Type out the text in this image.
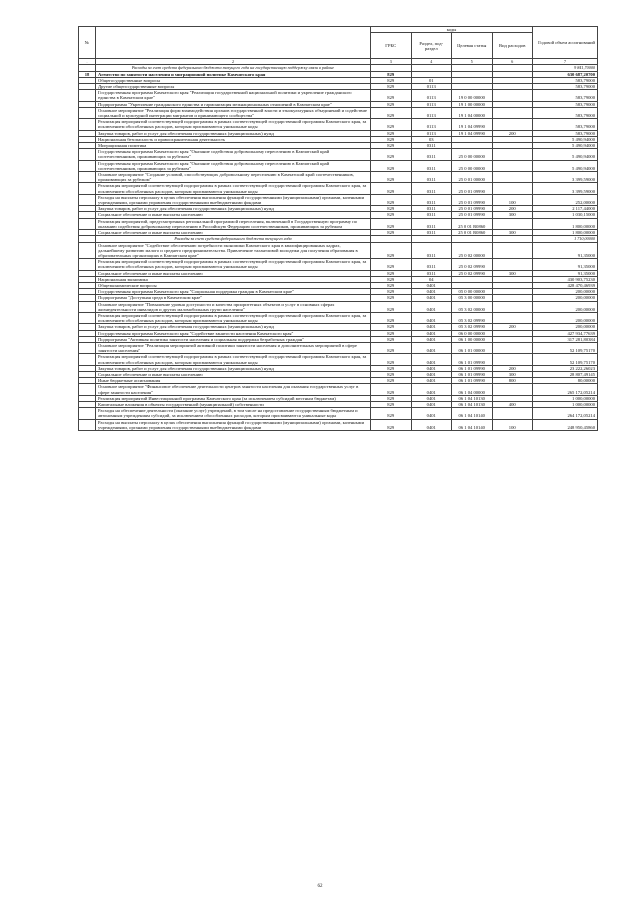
№		коды				Годовой объем ассигнований
		ГРБС	Раздел, под-раздел	Целевая статья	Вид расходов	
.	2	3	4	5	6	7
	Расходы за счет средств федерального бюджета текущего года на государственную поддержку связи в районе					9 841,70000
18	Агентство по занятости населения и миграционной политике Камчатского края	829				630 687,20700
	Общегосударственные вопросы	829	01			583,79000
	Другие общегосударственные вопросы	829	0113			583,79000
	Государственная программа Камчатского края "Реализация государственной национальной политики и укрепление гражданского единства в Камчатском крае"	829	0113	19 0 00 00000		583,79000
	Подпрограмма "Укрепление гражданского единства и гармонизация межнациональных отношений в Камчатском крае"	829	0113	19 1 00 00000		583,79000
	Основное мероприятие "Реализация форм взаимодействия органов государственной власти и этнокультурных объединений и содействие социальной и культурной интеграции мигрантов и принимающего сообщества"	829	0113	19 1 04 00000		583,79000
	Реализация мероприятий соответствующей подпрограммы в рамках соответствующей государственной программы Камчатского края, за исключением обособленных расходов, которым присваиваются уникальные коды	829	0113	19 1 04 09990		583,79000
	Закупка товаров, работ и услуг для обеспечения государственных (муниципальных) нужд	829	0113	19 1 04 09990	200	583,79000
	Национальная безопасность и правоохранительная деятельность	829	03			5 490,94000
	Миграционная политика	829	0311			5 490,94000
	Государственная программа Камчатского края "Оказание содействия добровольному переселению в Камчатский край соотечественников, проживающих за рубежом"	829	0311	25 0 00 00000		5 490,94000
	Государственная программа Камчатского края "Оказание содействия добровольному переселению в Камчатский край соотечественников, проживающих за рубежом"	829	0311	25 0 00 00000		5 490,94000
	Основное мероприятие "Создание условий, способствующих добровольному переселению в Камчатский край соотечественников, проживающих за рубежом"	829	0311	25 0 01 00000		3 399,59000
	Реализация мероприятий соответствующей подпрограммы в рамках соответствующей государственной программы Камчатского края, за исключением обособленных расходов, которым присваиваются уникальные коды	829	0311	25 0 01 09990		3 399,59000
	Расходы на выплаты персоналу в целях обеспечения выполнения функций государственными (муниципальными) органами, казенными учреждениями, органами управления государственными внебюджетными фондами	829	0311	25 0 01 09990	100	252,00000
	Закупка товаров, работ и услуг для обеспечения государственных (муниципальных) нужд	829	0311	25 0 01 09990	200	2 117,44000
	Социальное обеспечение и иные выплаты населению	829	0311	25 0 01 09990	300	1 030,15000
	Реализация мероприятий, предусмотренных региональной программой переселения, включенной в Государственную программу по оказанию содействия добровольному переселению в Российскую Федерацию соотечественников, проживающих за рубежом	829	0311	25 0 01 R0860		1 800,00000
	Социальное обеспечение и иные выплаты населению	829	0311	25 0 01 R0860	300	1 800,00000
	Расходы за счет средств федерального бюджета текущего года					1 710,00000
	Основное мероприятие "Содействие обеспечению потребности экономики Камчатского края в квалифицированных кадрах, дальнейшему развитию малого и среднего предпринимательства. Привлечение талантливой молодежи для получения образования в образовательных организациях в Камчатском крае"	829	0311	25 0 02 00000		91,35000
	Реализация мероприятий соответствующей подпрограммы в рамках соответствующей государственной программы Камчатского края, за исключением обособленных расходов, которым присваиваются уникальные коды	829	0311	25 0 02 09990		91,35000
	Социальное обеспечение и иные выплаты населению	829	0311	25 0 02 09990	300	91,35000
	Национальная экономика	829	04			430 903,75230
	Общеэкономические вопросы	829	0401			428 470,46939
	Государственная программа Камчатского края "Социальная поддержка граждан в Камчатском крае"	829	0401	05 0 00 00000		200,00000
	Подпрограмма "Доступная среда в Камчатском крае"	829	0401	05 3 00 00000		200,00000
	Основное мероприятие "Повышение уровня доступности и качества приоритетных объектов и услуг в основных сферах жизнедеятельности инвалидов и других маломобильных групп населения"	829	0401	05 3 02 00000		200,00000
	Реализация мероприятий соответствующей подпрограммы в рамках соответствующей государственной программы Камчатского края, за исключением обособленных расходов, которым присваиваются уникальные коды	829	0401	05 3 02 09990		200,00000
	Закупка товаров, работ и услуг для обеспечения государственных (муниципальных) нужд	829	0401	05 3 02 09990	200	200,00000
	Государственная программа Камчатского края "Содействие занятости населения Камчатского края"	829	0401	06 0 00 00000		427 934,77639
	Подпрограмма "Активная политика занятости населения и социальная поддержка безработных граждан"	829	0401	06 1 00 00000		317 281,80384
	Основное мероприятие "Реализация мероприятий активной политики занятости населения и дополнительных мероприятий в сфере занятости населения"	829	0401	06 1 01 00000		52 109,75170
	Реализация мероприятий соответствующей подпрограммы в рамках соответствующей государственной программы Камчатского края, за исключением обособленных расходов, которым присваиваются уникальные коды	829	0401	06 1 01 09990		52 109,75170
	Закупка товаров, работ и услуг для обеспечения государственных (муниципальных) нужд	829	0401	06 1 01 09990	200	23 222,26023
	Социальное обеспечение и иные выплаты населению	829	0401	06 1 01 09990	300	28 807,49145
	Иные бюджетные ассигнования	829	0401	06 1 01 09990	800	80,00000
	Основное мероприятие "Финансовое обеспечение деятельности центров занятости населения для оказания государственных услуг в сфере занятости населения"	829	0401	06 1 04 00000		265 172,05214
	Реализация мероприятий Инвестиционной программы Камчатского края (за исключением субсидий местным бюджетам)	829	0401	06 1 04 10130		1 000,00000
	Капитальные вложения в объекты государственной (муниципальной) собственности	829	0401	06 1 04 10130	400	1 000,00000
	Расходы на обеспечение деятельности (оказание услуг) учреждений, в том числе на предоставление государственным бюджетным и автономным учреждениям субсидий, за исключением обособленных расходов, которым присваиваются уникальные коды	829	0401	06 1 04 10140		264 172,05214
	Расходы на выплаты персоналу в целях обеспечения выполнения функций государственными (муниципальными) органами, казенными учреждениями, органами управления государственными внебюджетными фондами	829	0401	06 1 04 10140	100	248 950,45860
62
